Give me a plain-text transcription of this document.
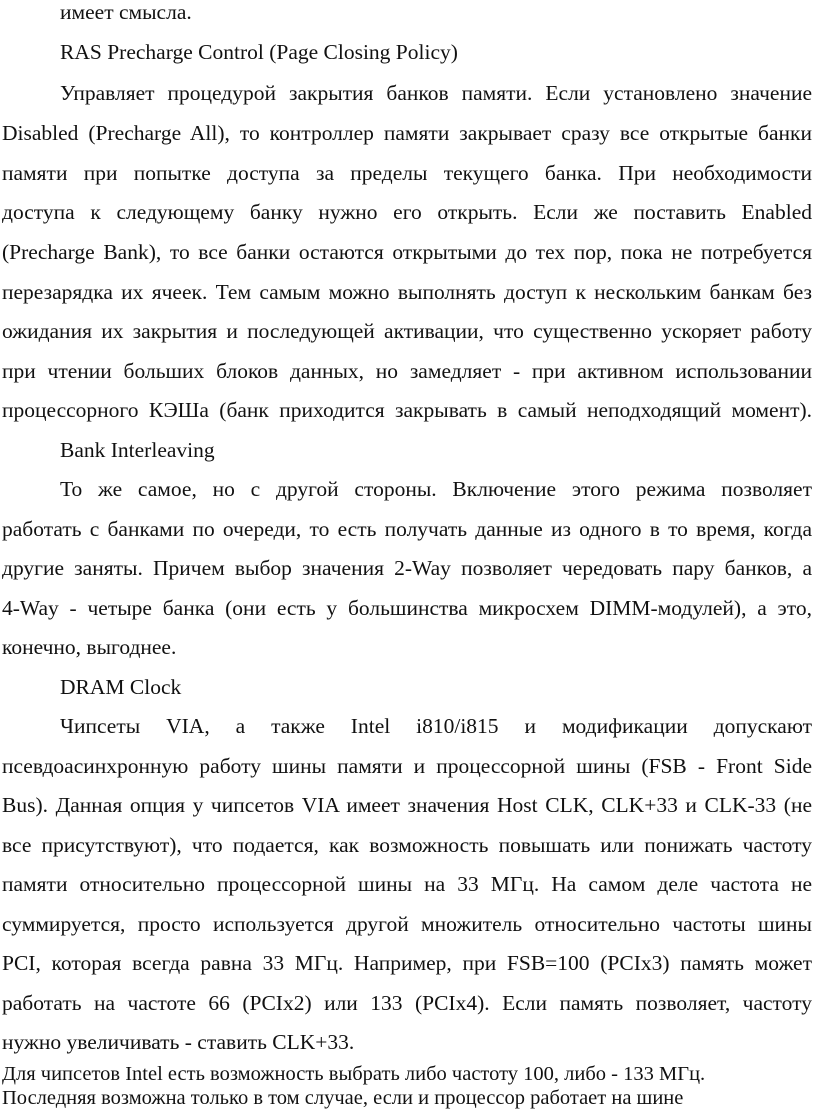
имеет смысла.
RAS Precharge Control (Page Closing Policy)
Управляет процедурой закрытия банков памяти. Если установлено значение
Disabled (Precharge All), то контроллер памяти закрывает сразу все открытые банки
памяти при попытке доступа за пределы текущего банка. При необходимости
доступа к следующему банку нужно его открыть. Если же поставить Enabled
(Precharge Bank), то все банки остаются открытыми до тех пор, пока не потребуется
перезарядка их ячеек. Тем самым можно выполнять доступ к нескольким банкам без
ожидания их закрытия и последующей активации, что существенно ускоряет работу
при чтении больших блоков данных, но замедляет - при активном использовании
процессорного КЭШа (банк приходится закрывать в самый неподходящий момент).
Bank Interleaving
То же самое, но с другой стороны. Включение этого режима позволяет
работать с банками по очереди, то есть получать данные из одного в то время, когда
другие заняты. Причем выбор значения 2-Way позволяет чередовать пару банков, а
4-Way - четыре банка (они есть у большинства микросхем DIMM-модулей), а это,
конечно, выгоднее.
DRAM Clock
Чипсеты VIA, а также Intel i810/i815 и модификации допускают
псевдоасинхронную работу шины памяти и процессорной шины (FSB - Front Side
Bus). Данная опция у чипсетов VIA имеет значения Host CLK, CLK+33 и CLK-33 (не
все присутствуют), что подается, как возможность повышать или понижать частоту
памяти относительно процессорной шины на 33 МГц. На самом деле частота не
суммируется, просто используется другой множитель относительно частоты шины
PCI, которая всегда равна 33 МГц. Например, при FSB=100 (PCIx3) память может
работать на частоте 66 (PCIx2) или 133 (PCIx4). Если память позволяет, частоту
нужно увеличивать - ставить CLK+33.
Для чипсетов Intel есть возможность выбрать либо частоту 100, либо - 133 МГц.
Последняя возможна только в том случае, если и процессор работает на шине
